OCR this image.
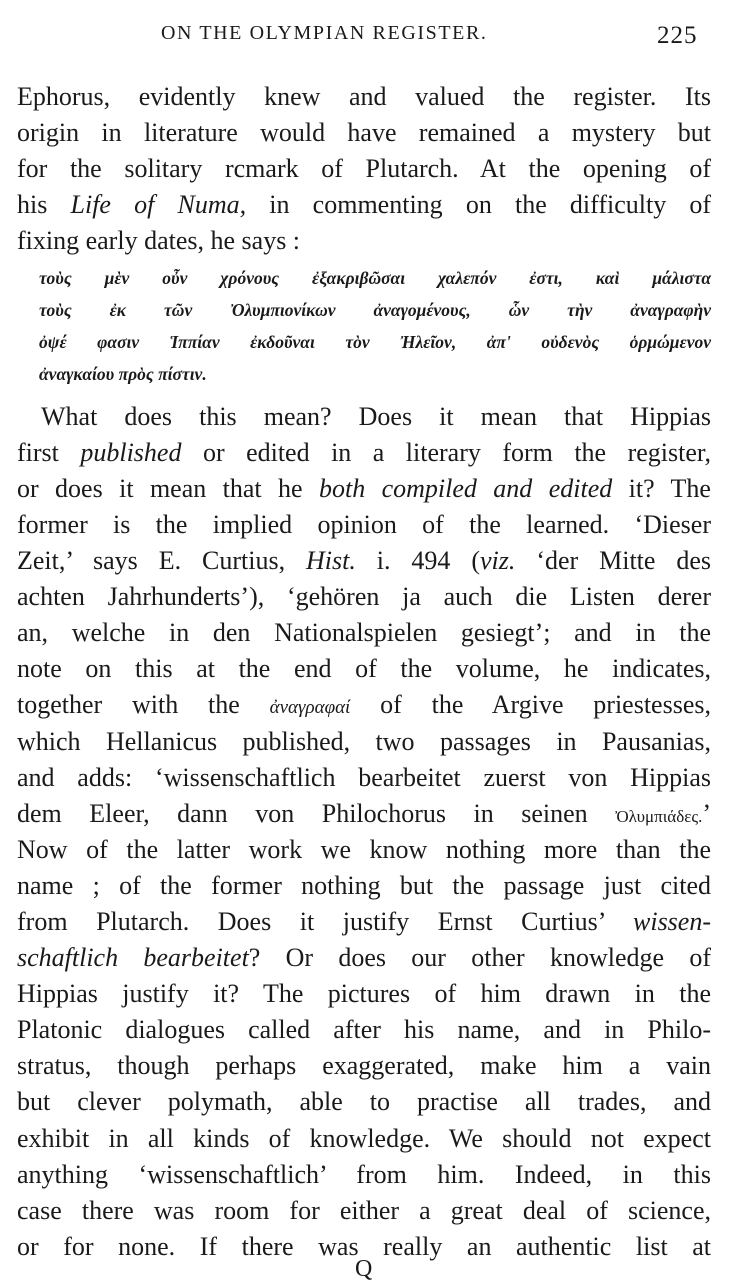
ON THE OLYMPIAN REGISTER.	225
Ephorus, evidently knew and valued the register. Its
origin in literature would have remained a mystery but
for the solitary rcmark of Plutarch. At the opening of
his Life of Numa, in commenting on the difficulty of
fixing early dates, he says :
τοὺς μὲν οὖν χρόνους ἐξακριβῶσαι χαλεπόν ἐστι, καὶ μάλιστα
τοὺς ἐκ τῶν Ὀλυμπιονίκων ἀναγομένους, ὧν τὴν ἀναγραφὴν
ὀψέ φασιν Ἱππίαν ἐκδοῦναι τὸν Ἠλεῖον, ἀπ' οὐδενὸς ὁρμώμενον
ἀναγκαίου πρὸς πίστιν.
What does this mean? Does it mean that Hippias
first published or edited in a literary form the register,
or does it mean that he both compiled and edited it? The
former is the implied opinion of the learned. ‘Dieser
Zeit,’ says E. Curtius, Hist. i. 494 (viz. ‘der Mitte des
achten Jahrhunderts’), ‘gehören ja auch die Listen derer
an, welche in den Nationalspielen gesiegt’; and in the
note on this at the end of the volume, he indicates,
together with the ἀναγραφαί of the Argive priestesses,
which Hellanicus published, two passages in Pausanias,
and adds: ‘wissenschaftlich bearbeitet zuerst von Hippias
dem Eleer, dann von Philochorus in seinen Ὀλυμπιάδες.’
Now of the latter work we know nothing more than the
name ; of the former nothing but the passage just cited
from Plutarch. Does it justify Ernst Curtius’ wissen-
schaftlich bearbeitet? Or does our other knowledge of
Hippias justify it? The pictures of him drawn in the
Platonic dialogues called after his name, and in Philo-
stratus, though perhaps exaggerated, make him a vain
but clever polymath, able to practise all trades, and
exhibit in all kinds of knowledge. We should not expect
anything ‘wissenschaftlich’ from him. Indeed, in this
case there was room for either a great deal of science,
or for none. If there was really an authentic list at
Q
